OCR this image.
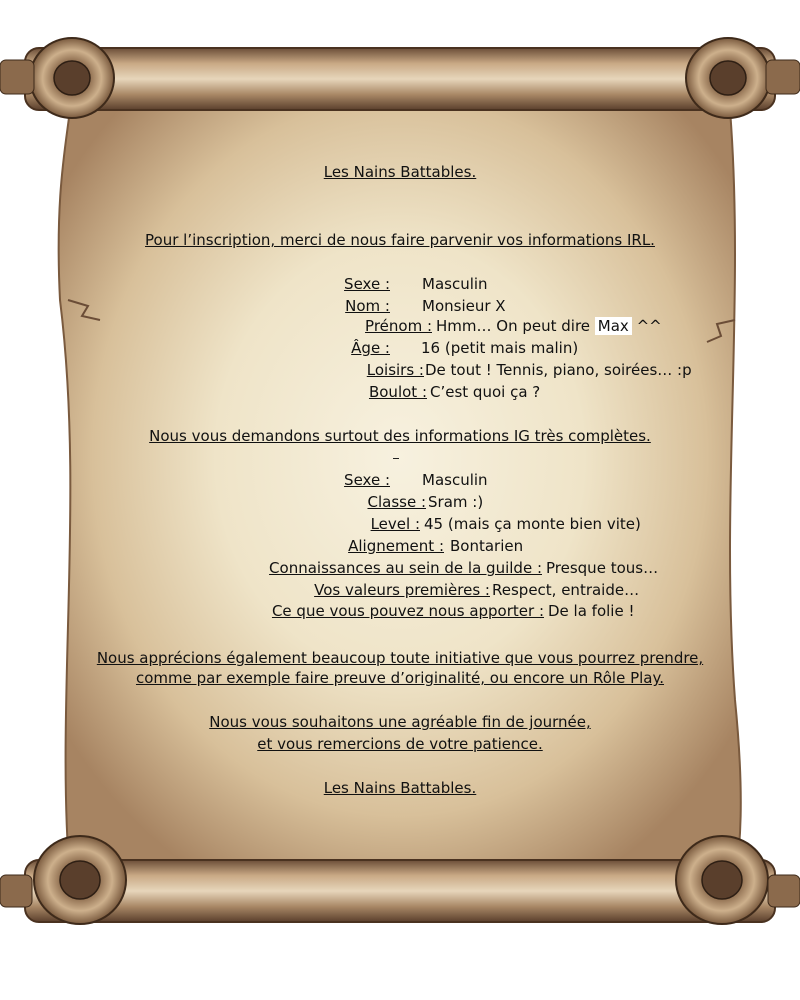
Les Nains Battables.

Pour l’inscription, merci de nous faire parvenir vos informations IRL.

Sexe : Masculin
Nom : Monsieur X
Prénom : Hmm… On peut dire Max ^^
Âge : 16 (petit mais malin)
Loisirs : De tout ! Tennis, piano, soirées… :p
Boulot : C’est quoi ça ?

Nous vous demandons surtout des informations IG très complètes.

Sexe : Masculin
Classe : Sram :)
Level : 45 (mais ça monte bien vite)
Alignement : Bontarien
Connaissances au sein de la guilde : Presque tous…
Vos valeurs premières : Respect, entraide…
Ce que vous pouvez nous apporter : De la folie !

Nous apprécions également beaucoup toute initiative que vous pourrez prendre,

comme par exemple faire preuve d’originalité, ou encore un Rôle Play.

Nous vous souhaitons une agréable fin de journée,

et vous remercions de votre patience.

Les Nains Battables.
